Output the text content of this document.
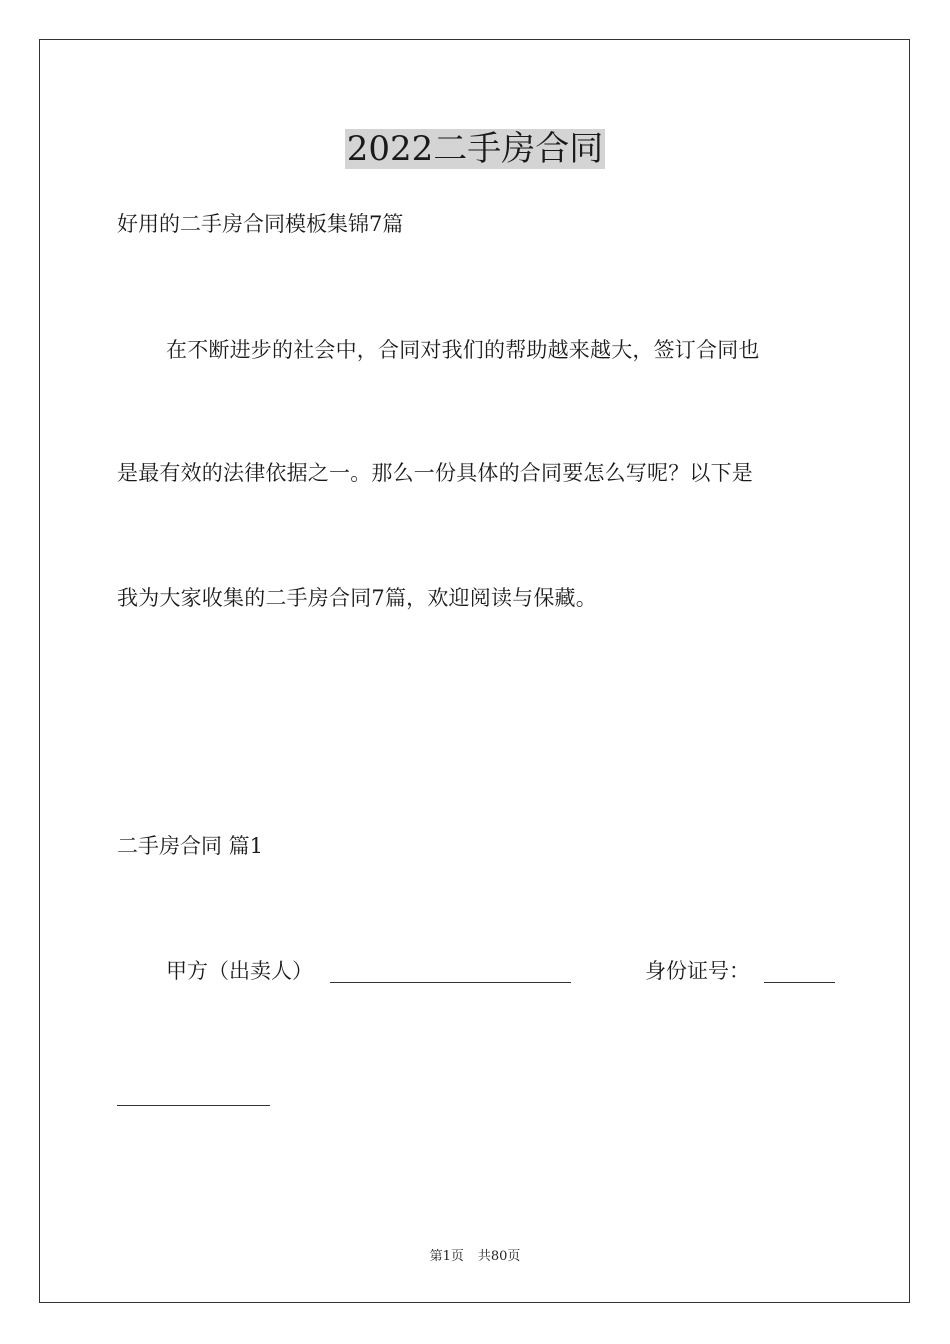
2022二手房合同
好用的二手房合同模板集锦7篇
在不断进步的社会中，合同对我们的帮助越来越大，签订合同也
是最有效的法律依据之一。那么一份具体的合同要怎么写呢？以下是
我为大家收集的二手房合同7篇，欢迎阅读与保藏。
二手房合同 篇1
甲方（出卖人）	身份证号：
第1页 共80页
